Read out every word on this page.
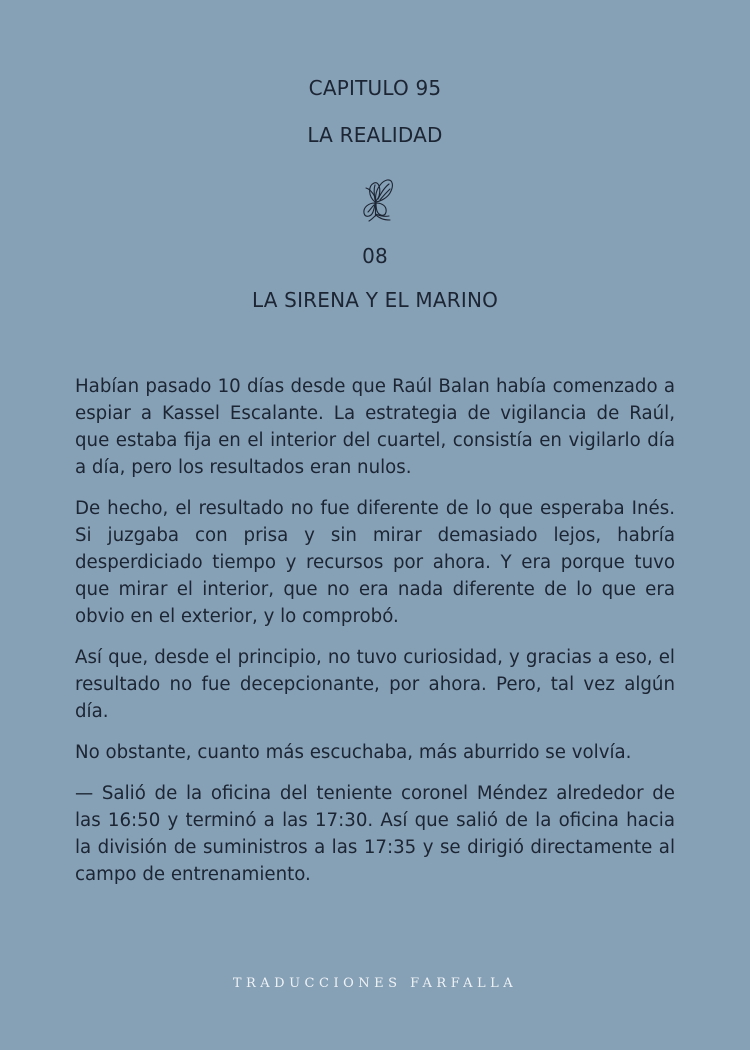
CAPITULO 95
LA REALIDAD
08
LA SIRENA Y EL MARINO

Habían pasado 10 días desde que Raúl Balan había comenzado a espiar a Kassel Escalante. La estrategia de vigilancia de Raúl, que estaba fija en el interior del cuartel, consistía en vigilarlo día a día, pero los resultados eran nulos.

De hecho, el resultado no fue diferente de lo que esperaba Inés. Si juzgaba con prisa y sin mirar demasiado lejos, habría desperdiciado tiempo y recursos por ahora. Y era porque tuvo que mirar el interior, que no era nada diferente de lo que era obvio en el exterior, y lo comprobó.

Así que, desde el principio, no tuvo curiosidad, y gracias a eso, el resultado no fue decepcionante, por ahora. Pero, tal vez algún día.

No obstante, cuanto más escuchaba, más aburrido se volvía.

— Salió de la oficina del teniente coronel Méndez alrededor de las 16:50 y terminó a las 17:30. Así que salió de la oficina hacia la división de suministros a las 17:35 y se dirigió directamente al campo de entrenamiento.

TRADUCCIONES FARFALLA
